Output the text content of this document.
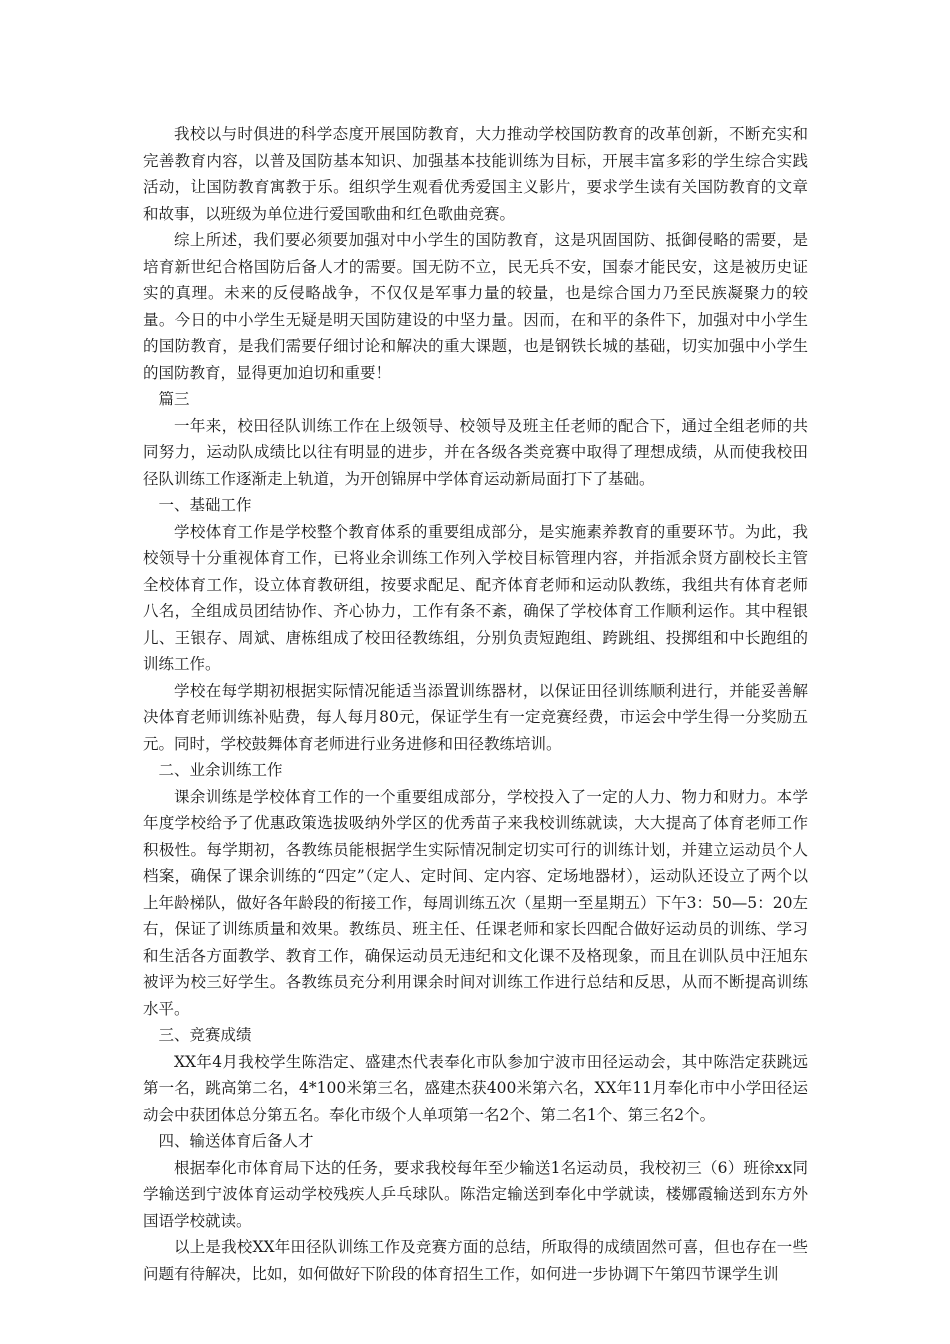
我校以与时俱进的科学态度开展国防教育，大力推动学校国防教育的改革创新，不断充实和完善教育内容，以普及国防基本知识、加强基本技能训练为目标，开展丰富多彩的学生综合实践活动，让国防教育寓教于乐。组织学生观看优秀爱国主义影片，要求学生读有关国防教育的文章和故事，以班级为单位进行爱国歌曲和红色歌曲竞赛。

综上所述，我们要必须要加强对中小学生的国防教育，这是巩固国防、抵御侵略的需要，是培育新世纪合格国防后备人才的需要。国无防不立，民无兵不安，国泰才能民安，这是被历史证实的真理。未来的反侵略战争，不仅仅是军事力量的较量，也是综合国力乃至民族凝聚力的较量。今日的中小学生无疑是明天国防建设的中坚力量。因而，在和平的条件下，加强对中小学生的国防教育，是我们需要仔细讨论和解决的重大课题，也是钢铁长城的基础，切实加强中小学生的国防教育，显得更加迫切和重要！

篇三

一年来，校田径队训练工作在上级领导、校领导及班主任老师的配合下，通过全组老师的共同努力，运动队成绩比以往有明显的进步，并在各级各类竞赛中取得了理想成绩，从而使我校田径队训练工作逐渐走上轨道，为开创锦屏中学体育运动新局面打下了基础。

一、基础工作

学校体育工作是学校整个教育体系的重要组成部分，是实施素养教育的重要环节。为此，我校领导十分重视体育工作，已将业余训练工作列入学校目标管理内容，并指派余贤方副校长主管全校体育工作，设立体育教研组，按要求配足、配齐体育老师和运动队教练，我组共有体育老师八名，全组成员团结协作、齐心协力，工作有条不紊，确保了学校体育工作顺利运作。其中程银儿、王银存、周斌、唐栋组成了校田径教练组，分别负责短跑组、跨跳组、投掷组和中长跑组的训练工作。

学校在每学期初根据实际情况能适当添置训练器材，以保证田径训练顺利进行，并能妥善解决体育老师训练补贴费，每人每月80元，保证学生有一定竞赛经费，市运会中学生得一分奖励五元。同时，学校鼓舞体育老师进行业务进修和田径教练培训。

二、业余训练工作

课余训练是学校体育工作的一个重要组成部分，学校投入了一定的人力、物力和财力。本学年度学校给予了优惠政策选拔吸纳外学区的优秀苗子来我校训练就读，大大提高了体育老师工作积极性。每学期初，各教练员能根据学生实际情况制定切实可行的训练计划，并建立运动员个人档案，确保了课余训练的“四定”（定人、定时间、定内容、定场地器材），运动队还设立了两个以上年龄梯队，做好各年龄段的衔接工作，每周训练五次（星期一至星期五）下午3：50—5：20左右，保证了训练质量和效果。教练员、班主任、任课老师和家长四配合做好运动员的训练、学习和生活各方面教学、教育工作，确保运动员无违纪和文化课不及格现象，而且在训队员中汪旭东被评为校三好学生。各教练员充分利用课余时间对训练工作进行总结和反思，从而不断提高训练水平。

三、竞赛成绩

XX年4月我校学生陈浩定、盛建杰代表奉化市队参加宁波市田径运动会，其中陈浩定获跳远第一名，跳高第二名，4*100米第三名，盛建杰获400米第六名，XX年11月奉化市中小学田径运动会中获团体总分第五名。奉化市级个人单项第一名2个、第二名1个、第三名2个。

四、输送体育后备人才

根据奉化市体育局下达的任务，要求我校每年至少输送1名运动员，我校初三（6）班徐xx同学输送到宁波体育运动学校残疾人乒乓球队。陈浩定输送到奉化中学就读，楼娜霞输送到东方外国语学校就读。

以上是我校XX年田径队训练工作及竞赛方面的总结，所取得的成绩固然可喜，但也存在一些问题有待解决，比如，如何做好下阶段的体育招生工作，如何进一步协调下午第四节课学生训
